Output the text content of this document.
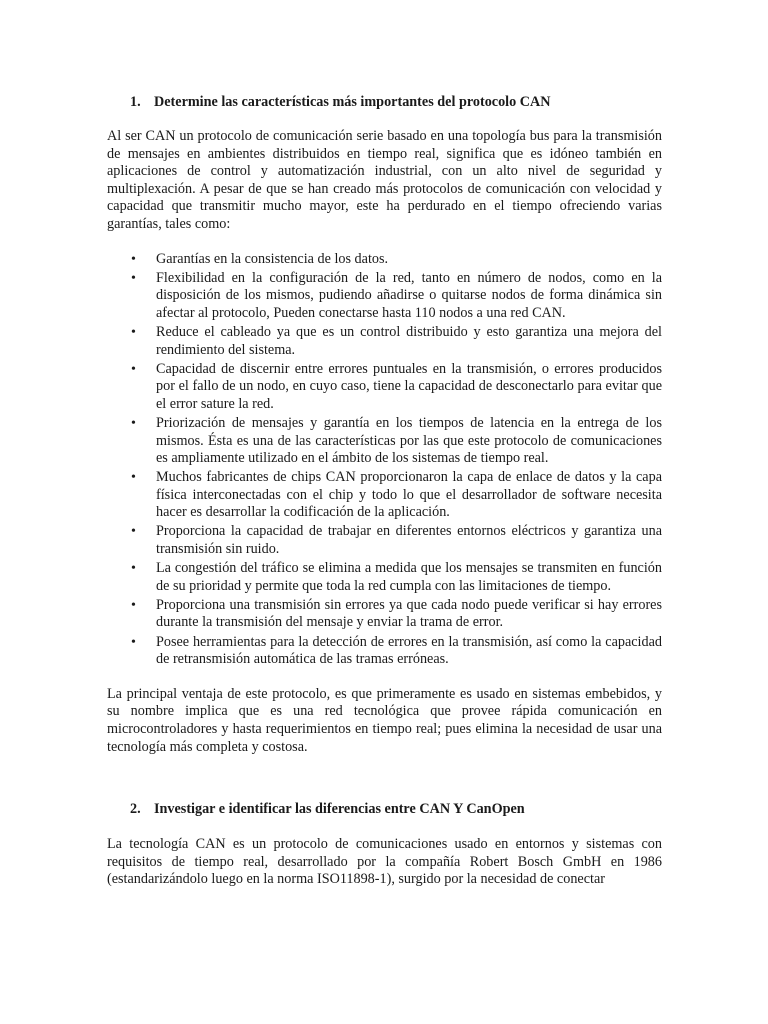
1. Determine las características más importantes del protocolo CAN

Al ser CAN un protocolo de comunicación serie basado en una topología bus para la transmisión de mensajes en ambientes distribuidos en tiempo real, significa que es idóneo también en aplicaciones de control y automatización industrial, con un alto nivel de seguridad y multiplexación. A pesar de que se han creado más protocolos de comunicación con velocidad y capacidad que transmitir mucho mayor, este ha perdurado en el tiempo ofreciendo varias garantías, tales como:

• Garantías en la consistencia de los datos.
• Flexibilidad en la configuración de la red, tanto en número de nodos, como en la disposición de los mismos, pudiendo añadirse o quitarse nodos de forma dinámica sin afectar al protocolo, Pueden conectarse hasta 110 nodos a una red CAN.
• Reduce el cableado ya que es un control distribuido y esto garantiza una mejora del rendimiento del sistema.
• Capacidad de discernir entre errores puntuales en la transmisión, o errores producidos por el fallo de un nodo, en cuyo caso, tiene la capacidad de desconectarlo para evitar que el error sature la red.
• Priorización de mensajes y garantía en los tiempos de latencia en la entrega de los mismos. Ésta es una de las características por las que este protocolo de comunicaciones es ampliamente utilizado en el ámbito de los sistemas de tiempo real.
• Muchos fabricantes de chips CAN proporcionaron la capa de enlace de datos y la capa física interconectadas con el chip y todo lo que el desarrollador de software necesita hacer es desarrollar la codificación de la aplicación.
• Proporciona la capacidad de trabajar en diferentes entornos eléctricos y garantiza una transmisión sin ruido.
• La congestión del tráfico se elimina a medida que los mensajes se transmiten en función de su prioridad y permite que toda la red cumpla con las limitaciones de tiempo.
• Proporciona una transmisión sin errores ya que cada nodo puede verificar si hay errores durante la transmisión del mensaje y enviar la trama de error.
• Posee herramientas para la detección de errores en la transmisión, así como la capacidad de retransmisión automática de las tramas erróneas.

La principal ventaja de este protocolo, es que primeramente es usado en sistemas embebidos, y su nombre implica que es una red tecnológica que provee rápida comunicación en microcontroladores y hasta requerimientos en tiempo real; pues elimina la necesidad de usar una tecnología más completa y costosa.

2. Investigar e identificar las diferencias entre CAN Y CanOpen

La tecnología CAN es un protocolo de comunicaciones usado en entornos y sistemas con requisitos de tiempo real, desarrollado por la compañía Robert Bosch GmbH en 1986 (estandarizándolo luego en la norma ISO11898-1), surgido por la necesidad de conectar
